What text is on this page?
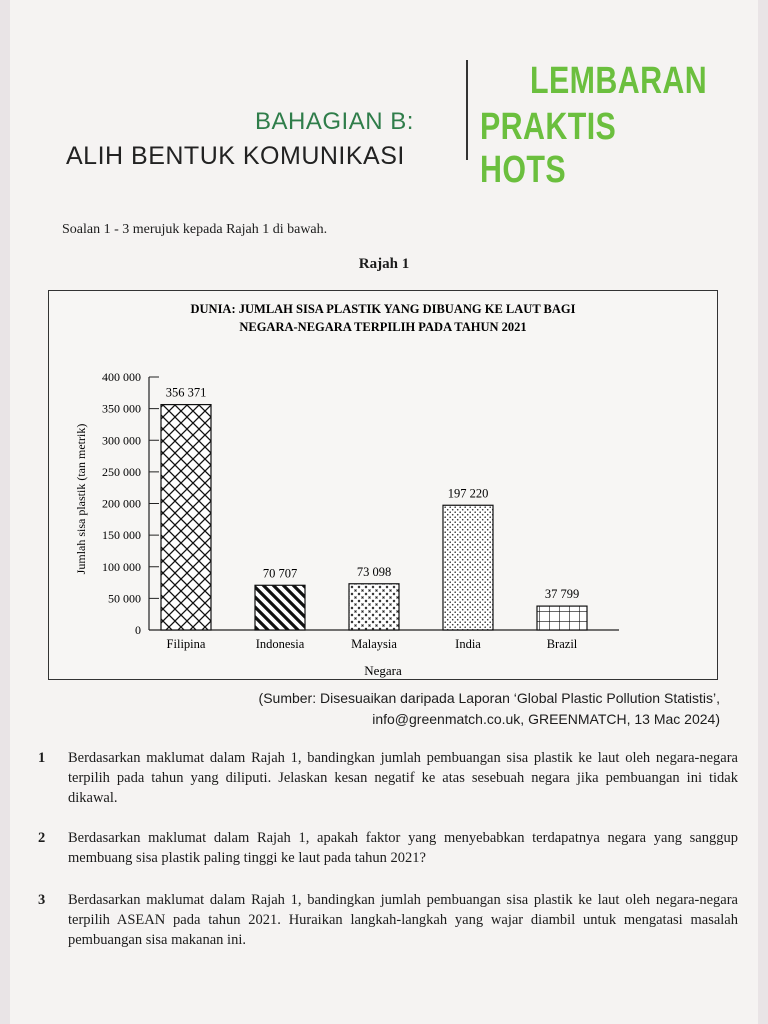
BAHAGIAN B:
ALIH BENTUK KOMUNIKASI
LEMBARAN
PRAKTIS HOTS
Soalan 1 - 3 merujuk kepada Rajah 1 di bawah.
Rajah 1
DUNIA: JUMLAH SISA PLASTIK YANG DIBUANG KE LAUT BAGI
NEGARA-NEGARA TERPILIH PADA TAHUN 2021
Jumlah sisa plastik (tan metrik)
Negara
0
50 000
100 000
150 000
200 000
250 000
300 000
350 000
400 000
356 371
Filipina
70 707
Indonesia
73 098
Malaysia
197 220
India
37 799
Brazil
(Sumber: Disesuaikan daripada Laporan ‘Global Plastic Pollution Statistis’,
info@greenmatch.co.uk, GREENMATCH, 13 Mac 2024)
1 Berdasarkan maklumat dalam Rajah 1, bandingkan jumlah pembuangan sisa plastik ke laut oleh negara-negara terpilih pada tahun yang diliputi. Jelaskan kesan negatif ke atas sesebuah negara jika pembuangan ini tidak dikawal.
2 Berdasarkan maklumat dalam Rajah 1, apakah faktor yang menyebabkan terdapatnya negara yang sanggup membuang sisa plastik paling tinggi ke laut pada tahun 2021?
3 Berdasarkan maklumat dalam Rajah 1, bandingkan jumlah pembuangan sisa plastik ke laut oleh negara-negara terpilih ASEAN pada tahun 2021. Huraikan langkah-langkah yang wajar diambil untuk mengatasi masalah pembuangan sisa makanan ini.
